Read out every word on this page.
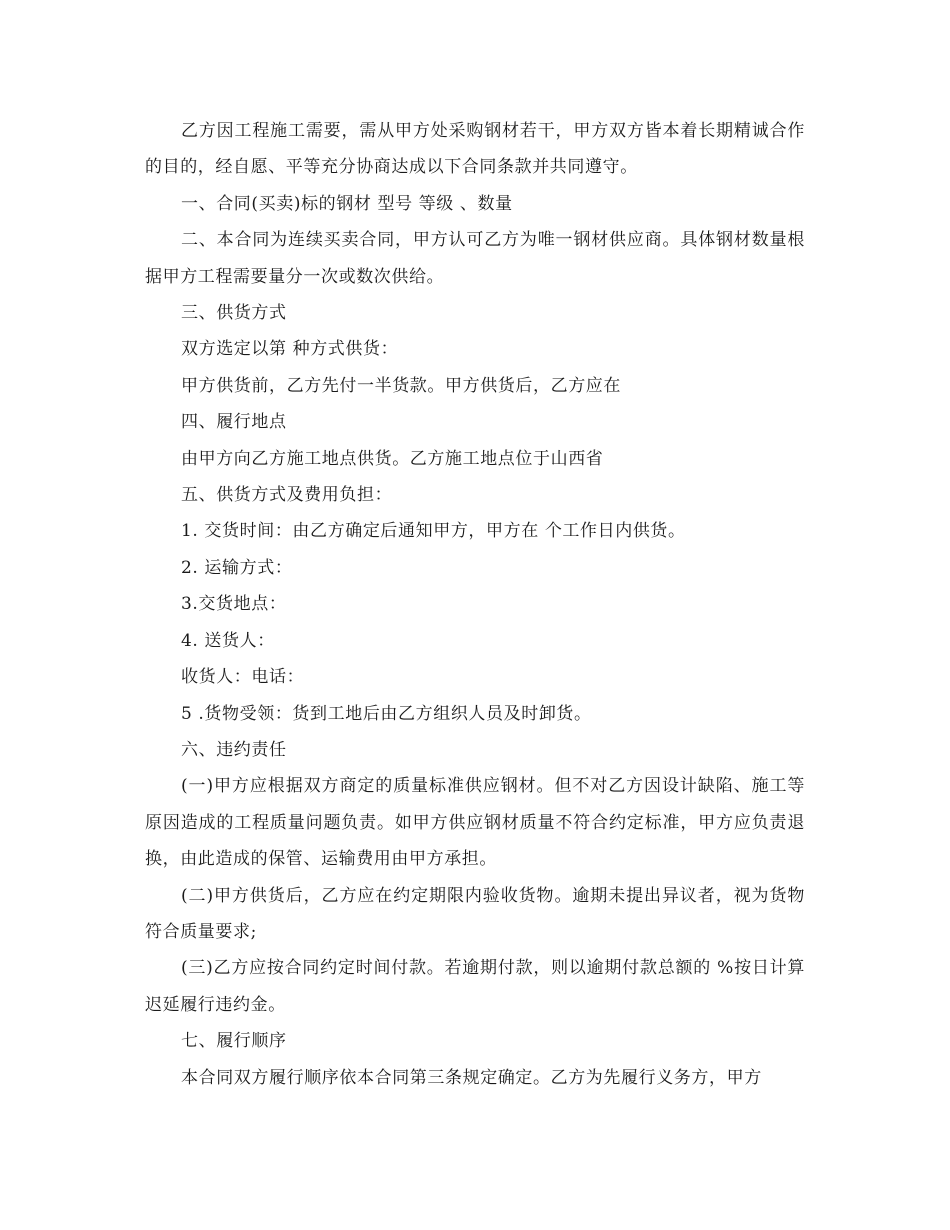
乙方因工程施工需要，需从甲方处采购钢材若干，甲方双方皆本着长期精诚合作的目的，经自愿、平等充分协商达成以下合同条款并共同遵守。

一、合同(买卖)标的钢材 型号 等级 、数量

二、本合同为连续买卖合同，甲方认可乙方为唯一钢材供应商。具体钢材数量根据甲方工程需要量分一次或数次供给。

三、供货方式

双方选定以第 种方式供货：

甲方供货前，乙方先付一半货款。甲方供货后，乙方应在

四、履行地点

由甲方向乙方施工地点供货。乙方施工地点位于山西省

五、供货方式及费用负担：

1. 交货时间：由乙方确定后通知甲方，甲方在 个工作日内供货。

2. 运输方式：

3.交货地点：

4. 送货人：

收货人：电话：

5 .货物受领：货到工地后由乙方组织人员及时卸货。

六、违约责任

(一)甲方应根据双方商定的质量标准供应钢材。但不对乙方因设计缺陷、施工等原因造成的工程质量问题负责。如甲方供应钢材质量不符合约定标准，甲方应负责退换，由此造成的保管、运输费用由甲方承担。

(二)甲方供货后，乙方应在约定期限内验收货物。逾期未提出异议者，视为货物符合质量要求;

(三)乙方应按合同约定时间付款。若逾期付款，则以逾期付款总额的 %按日计算迟延履行违约金。

七、履行顺序

本合同双方履行顺序依本合同第三条规定确定。乙方为先履行义务方，甲方
